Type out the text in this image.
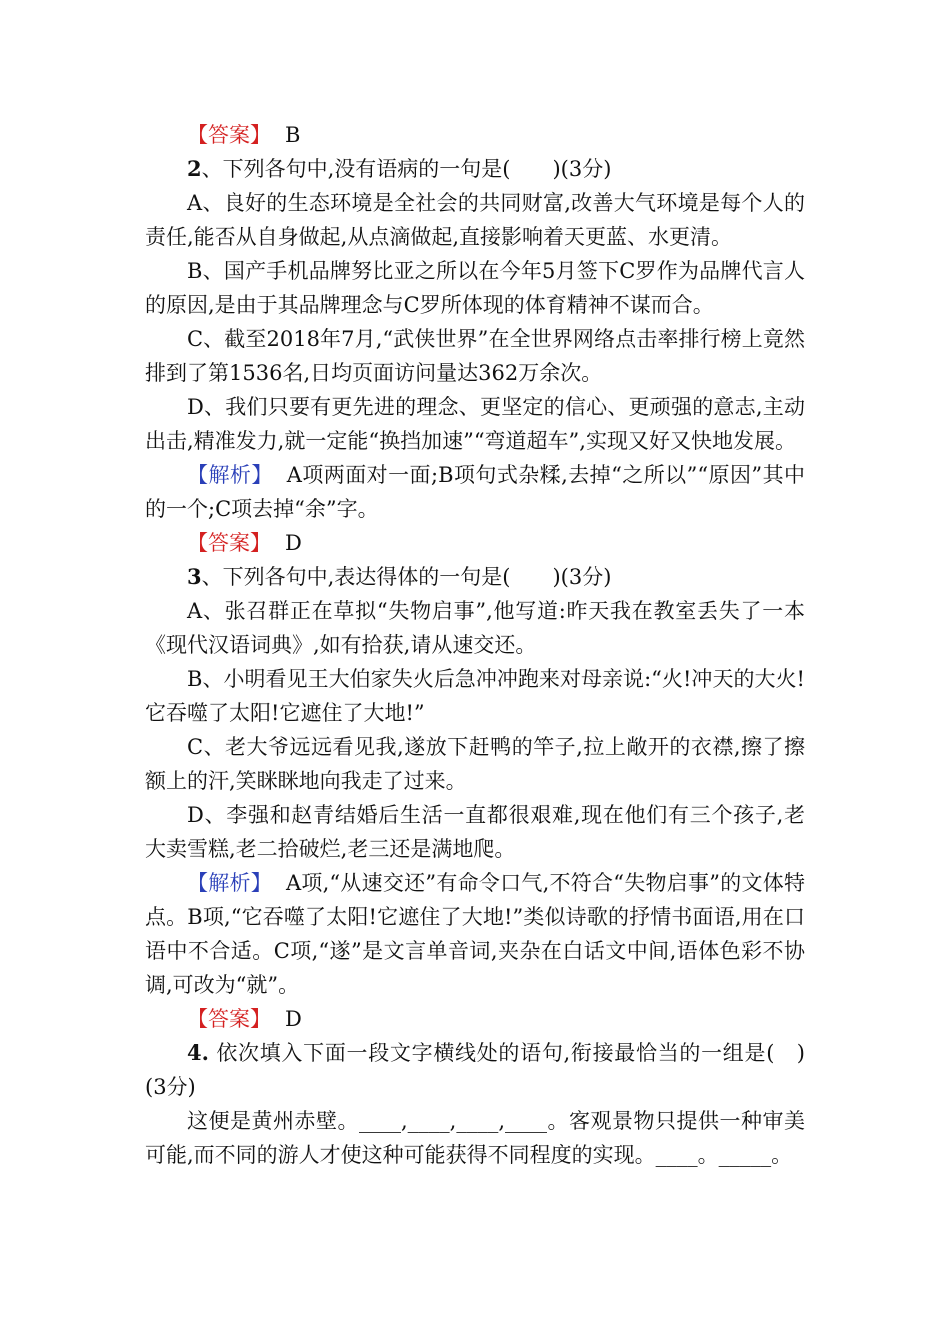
【答案】 B

2、下列各句中,没有语病的一句是(　　)(3分)

A、良好的生态环境是全社会的共同财富,改善大气环境是每个人的责任,能否从自身做起,从点滴做起,直接影响着天更蓝、水更清。

B、国产手机品牌努比亚之所以在今年5月签下C罗作为品牌代言人的原因,是由于其品牌理念与C罗所体现的体育精神不谋而合。

C、截至2018年7月,“武侠世界”在全世界网络点击率排行榜上竟然排到了第1536名,日均页面访问量达362万余次。

D、我们只要有更先进的理念、更坚定的信心、更顽强的意志,主动出击,精准发力,就一定能“换挡加速”“弯道超车”,实现又好又快地发展。

【解析】 A项两面对一面;B项句式杂糅,去掉“之所以”“原因”其中的一个;C项去掉“余”字。

【答案】 D

3、下列各句中,表达得体的一句是(　　)(3分)

A、张召群正在草拟“失物启事”,他写道:昨天我在教室丢失了一本《现代汉语词典》,如有拾获,请从速交还。

B、小明看见王大伯家失火后急冲冲跑来对母亲说:“火!冲天的大火!它吞噬了太阳!它遮住了大地!”

C、老大爷远远看见我,遂放下赶鸭的竿子,拉上敞开的衣襟,擦了擦额上的汗,笑眯眯地向我走了过来。

D、李强和赵青结婚后生活一直都很艰难,现在他们有三个孩子,老大卖雪糕,老二拾破烂,老三还是满地爬。

【解析】 A项,“从速交还”有命令口气,不符合“失物启事”的文体特点。B项,“它吞噬了太阳!它遮住了大地!”类似诗歌的抒情书面语,用在口语中不合适。C项,“遂”是文言单音词,夹杂在白话文中间,语体色彩不协调,可改为“就”。

【答案】 D

4. 依次填入下面一段文字横线处的语句,衔接最恰当的一组是(　)(3分)

这便是黄州赤壁。____,____,____,____。客观景物只提供一种审美可能,而不同的游人才使这种可能获得不同程度的实现。____。_____。
